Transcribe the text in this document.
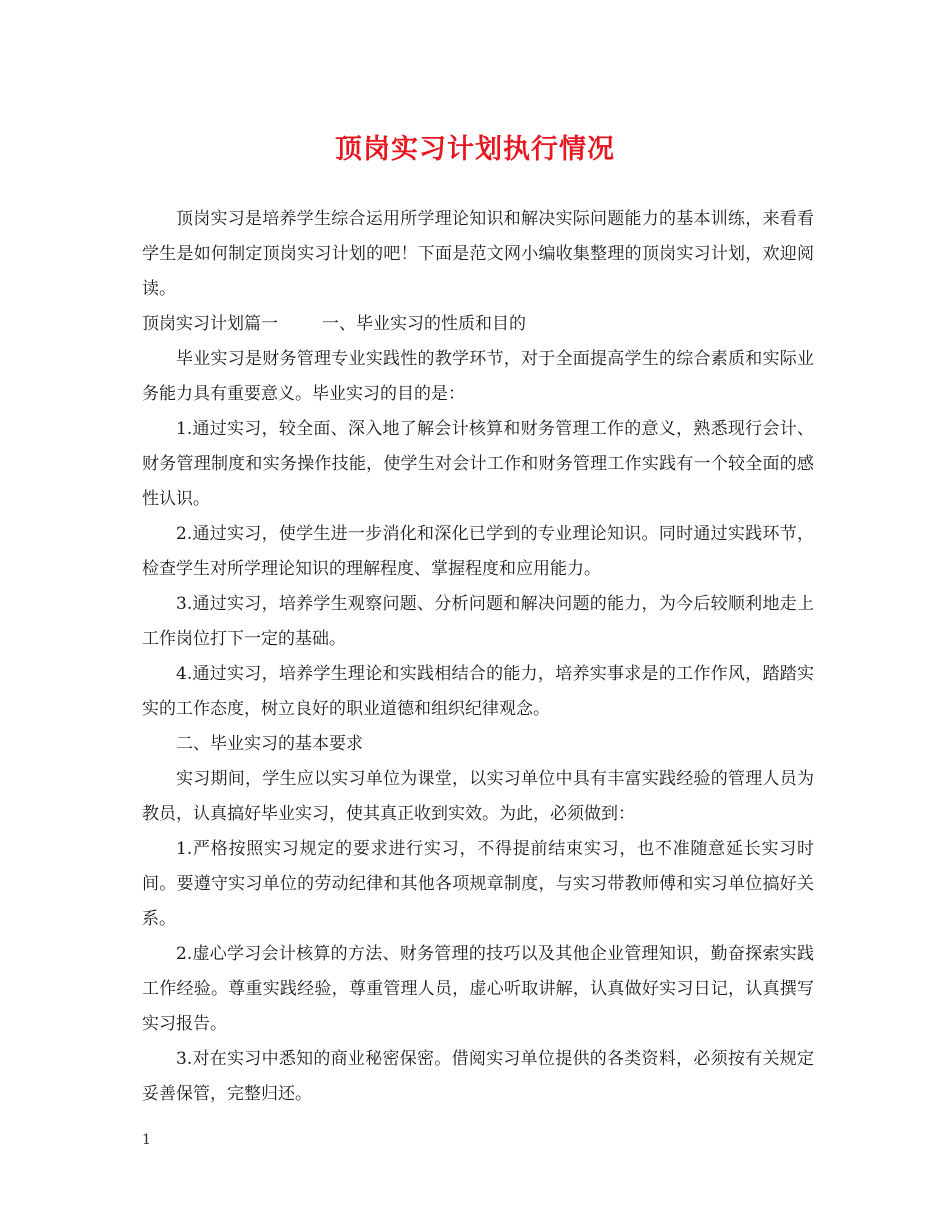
顶岗实习计划执行情况

顶岗实习是培养学生综合运用所学理论知识和解决实际问题能力的基本训练，来看看学生是如何制定顶岗实习计划的吧！下面是范文网小编收集整理的顶岗实习计划，欢迎阅读。

顶岗实习计划篇一	一、毕业实习的性质和目的

毕业实习是财务管理专业实践性的教学环节，对于全面提高学生的综合素质和实际业务能力具有重要意义。毕业实习的目的是：

1.通过实习，较全面、深入地了解会计核算和财务管理工作的意义，熟悉现行会计、财务管理制度和实务操作技能，使学生对会计工作和财务管理工作实践有一个较全面的感性认识。

2.通过实习，使学生进一步消化和深化已学到的专业理论知识。同时通过实践环节，检查学生对所学理论知识的理解程度、掌握程度和应用能力。

3.通过实习，培养学生观察问题、分析问题和解决问题的能力，为今后较顺利地走上工作岗位打下一定的基础。

4.通过实习，培养学生理论和实践相结合的能力，培养实事求是的工作作风，踏踏实实的工作态度，树立良好的职业道德和组织纪律观念。

二、毕业实习的基本要求

实习期间，学生应以实习单位为课堂，以实习单位中具有丰富实践经验的管理人员为教员，认真搞好毕业实习，使其真正收到实效。为此，必须做到：

1.严格按照实习规定的要求进行实习，不得提前结束实习，也不准随意延长实习时间。要遵守实习单位的劳动纪律和其他各项规章制度，与实习带教师傅和实习单位搞好关系。

2.虚心学习会计核算的方法、财务管理的技巧以及其他企业管理知识，勤奋探索实践工作经验。尊重实践经验，尊重管理人员，虚心听取讲解，认真做好实习日记，认真撰写实习报告。

3.对在实习中悉知的商业秘密保密。借阅实习单位提供的各类资料，必须按有关规定妥善保管，完整归还。

1
